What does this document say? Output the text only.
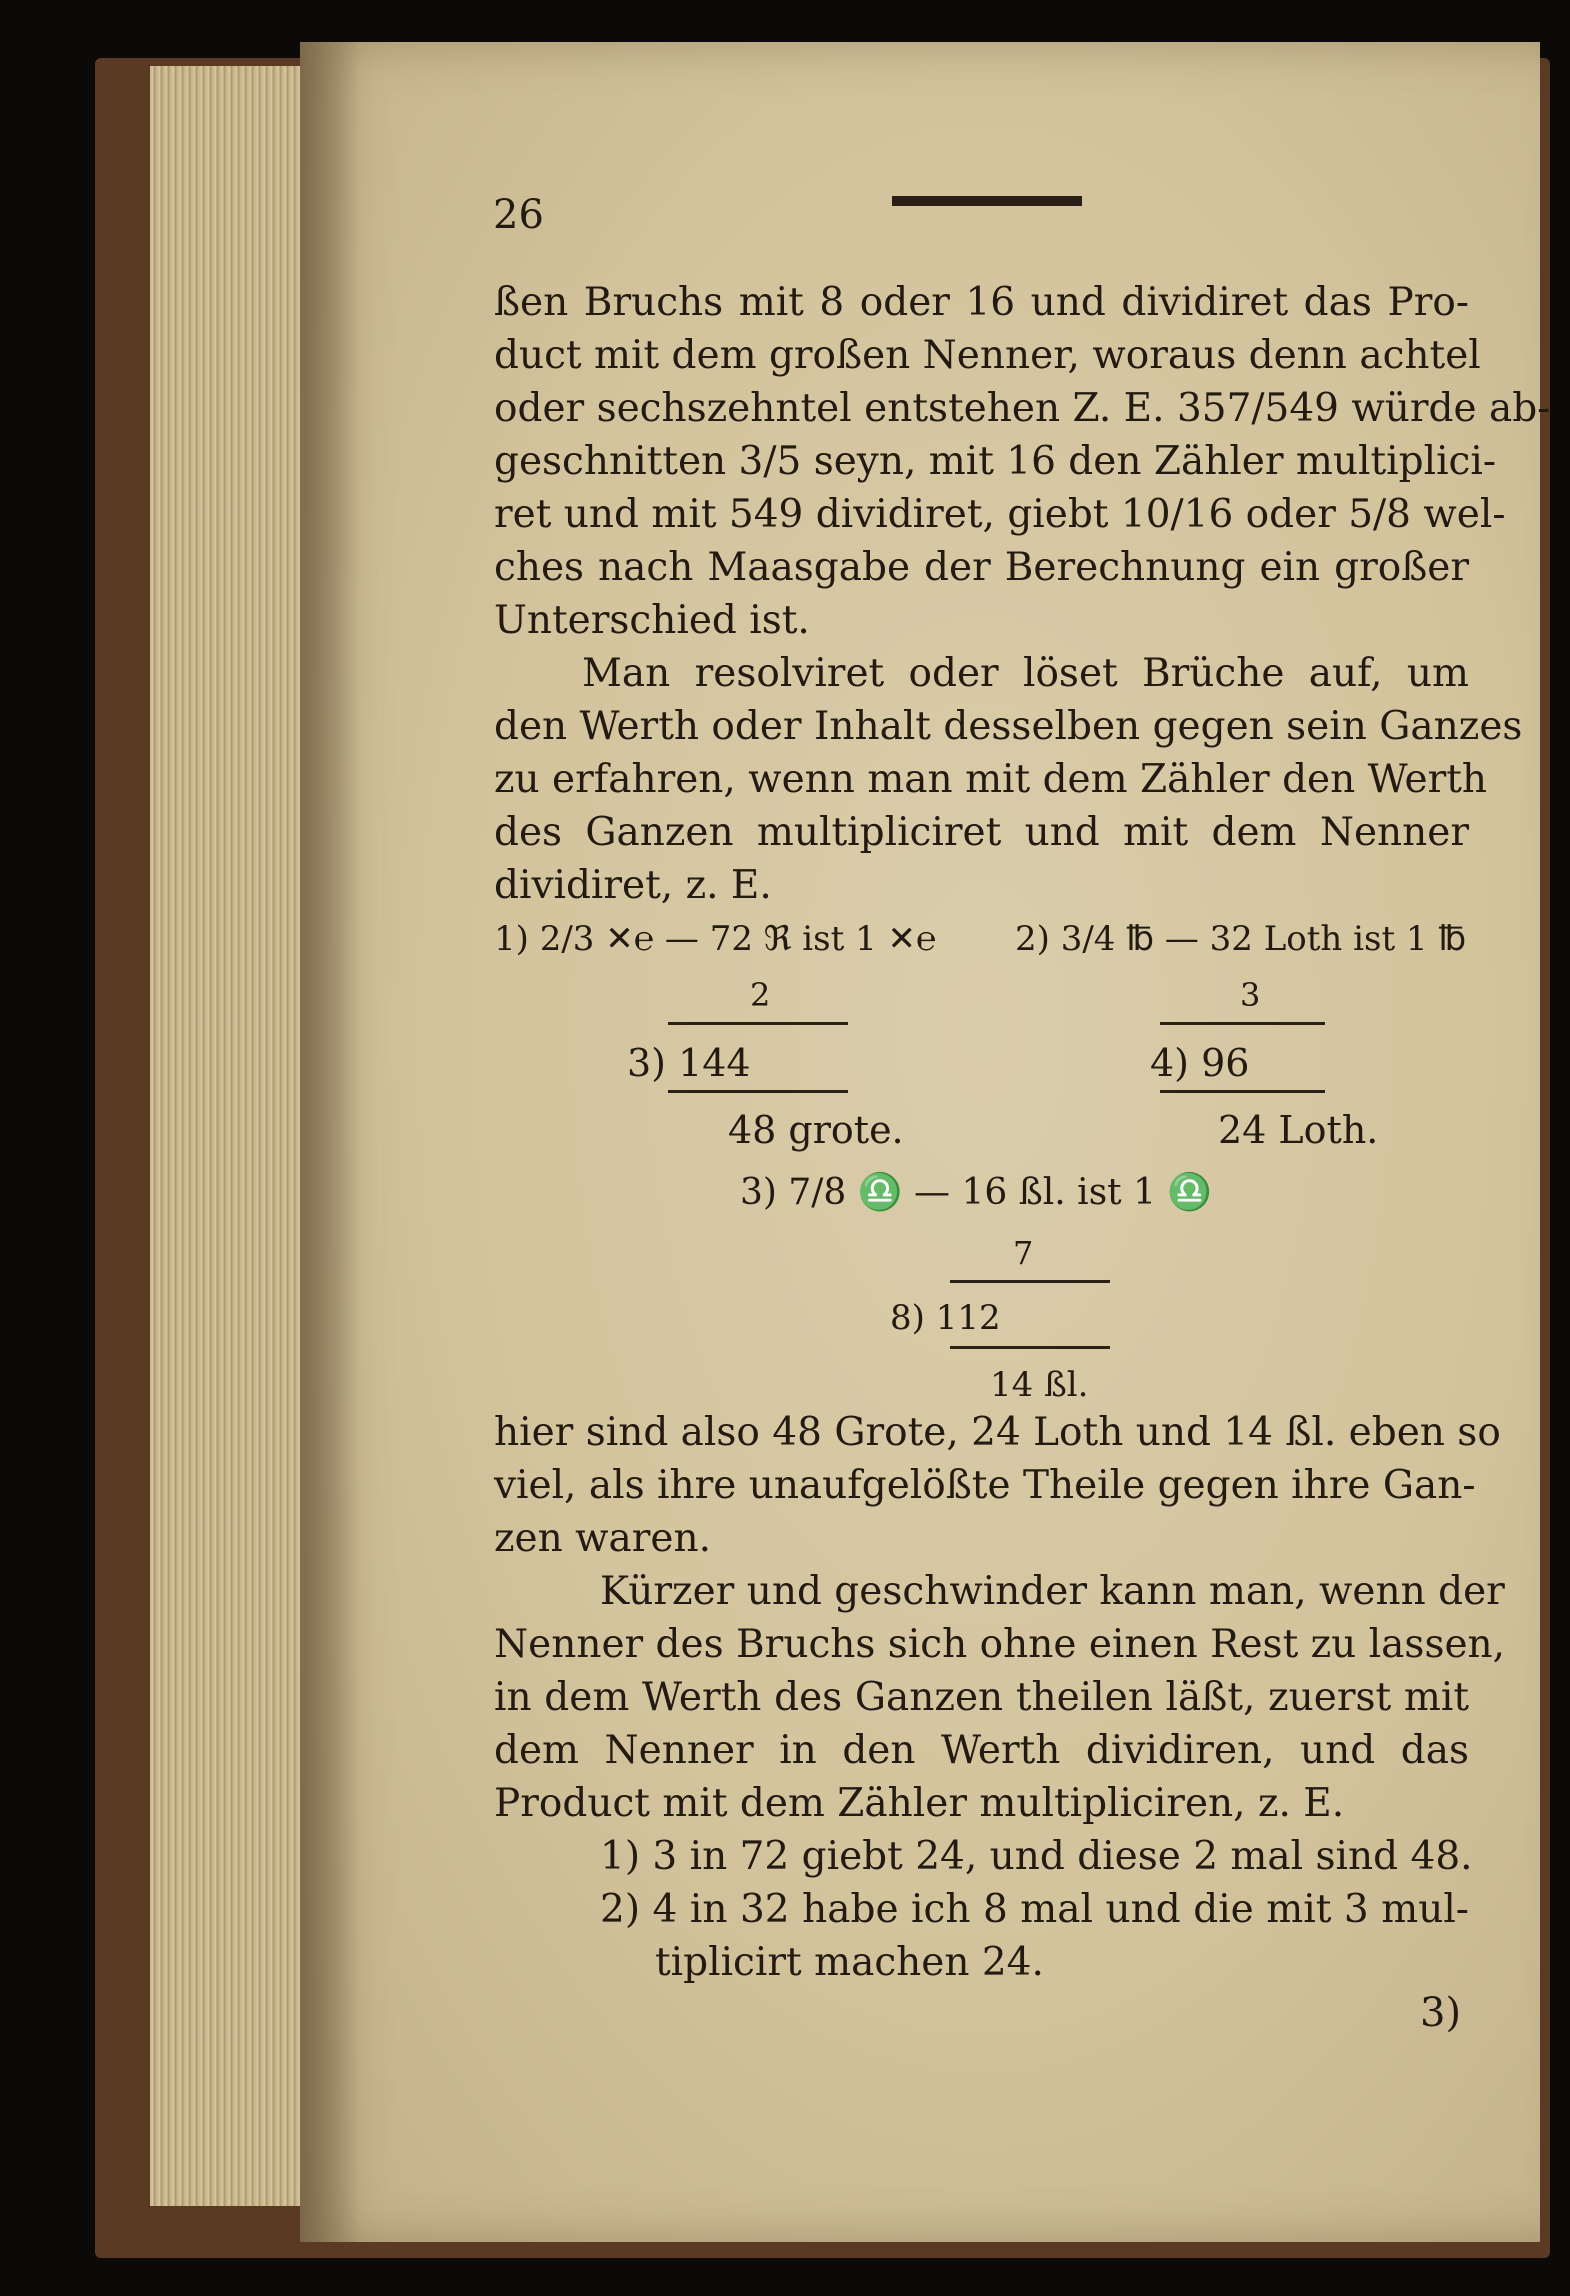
26
ßen Bruchs mit 8 oder 16 und dividiret das Pro-
duct mit dem großen Nenner, woraus denn achtel
oder sechszehntel entstehen Z. E. 357/549 würde ab-
geschnitten 3/5 seyn, mit 16 den Zähler multiplici-
ret und mit 549 dividiret, giebt 10/16 oder 5/8 wel-
ches nach Maasgabe der Berechnung ein großer
Unterschied ist.
Man resolviret oder löset Brüche auf, um
den Werth oder Inhalt desselben gegen sein Ganzes
zu erfahren, wenn man mit dem Zähler den Werth
des Ganzen multipliciret und mit dem Nenner
dividiret, z. E.
1) 2/3 ✕℮ — 72 ℜ ist 1 ✕℮
2
3) 144
48 grote.
2) 3/4 ℔ — 32 Loth ist 1 ℔
3
4) 96
24 Loth.
3) 7/8 ♎ — 16 ßl. ist 1 ♎
7
8) 112
14 ßl.
hier sind also 48 Grote, 24 Loth und 14 ßl. eben so
viel, als ihre unaufgelößte Theile gegen ihre Gan-
zen waren.
Kürzer und geschwinder kann man, wenn der
Nenner des Bruchs sich ohne einen Rest zu lassen,
in dem Werth des Ganzen theilen läßt, zuerst mit
dem Nenner in den Werth dividiren, und das
Product mit dem Zähler multipliciren, z. E.
1) 3 in 72 giebt 24, und diese 2 mal sind 48.
2) 4 in 32 habe ich 8 mal und die mit 3 mul-
tiplicirt machen 24.
3)
